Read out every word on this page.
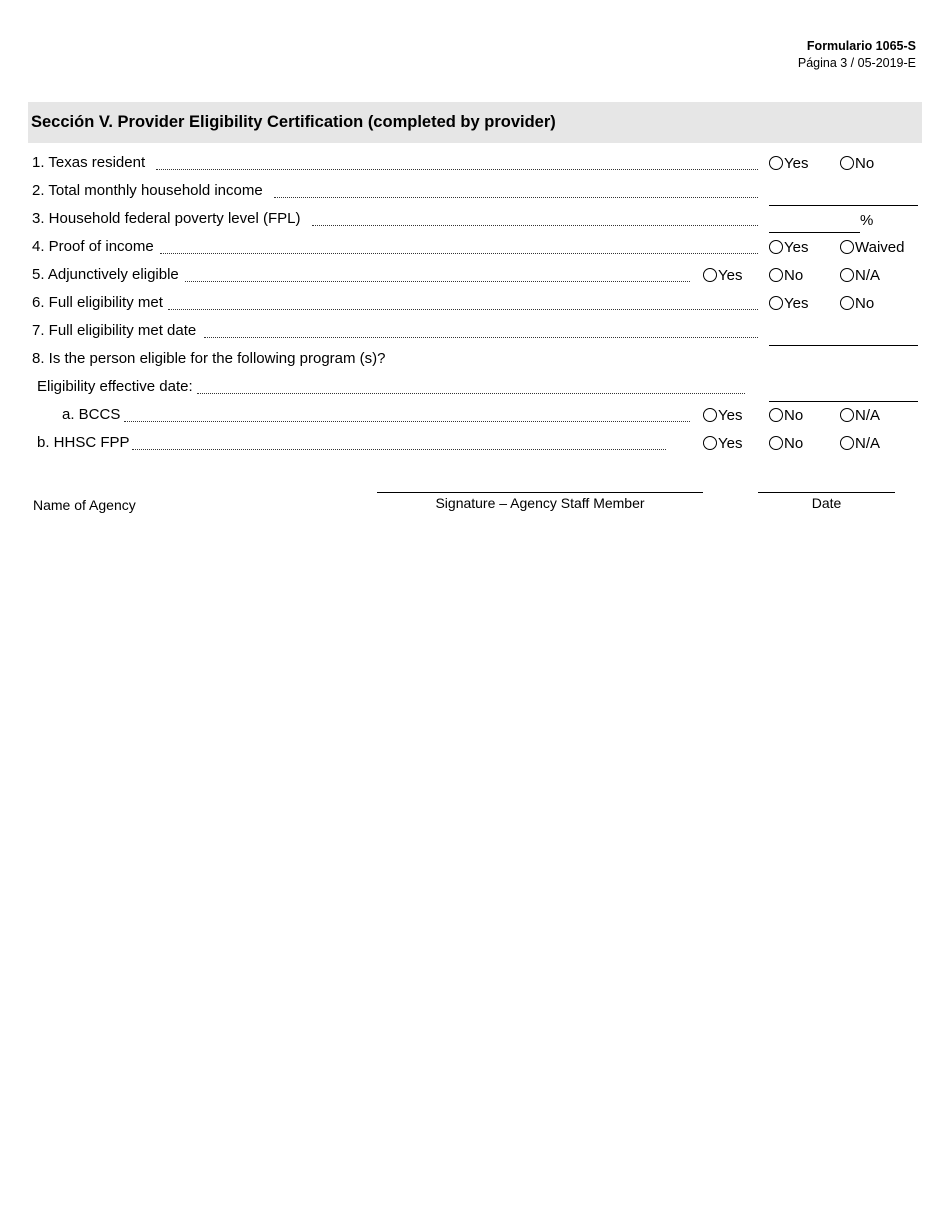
Formulario 1065-S
Página 3 / 05-2019-E
Sección V. Provider Eligibility Certification (completed by provider)
1. Texas resident	Yes	No
2. Total monthly household income
3. Household federal poverty level (FPL)	%
4. Proof of income	Yes	Waived
5. Adjunctively eligible	Yes	No	N/A
6. Full eligibility met	Yes	No
7. Full eligibility met date
8. Is the person eligible for the following program (s)?
Eligibility effective date:
a. BCCS	Yes	No	N/A
b. HHSC FPP	Yes	No	N/A
Name of Agency	Signature – Agency Staff Member	Date
